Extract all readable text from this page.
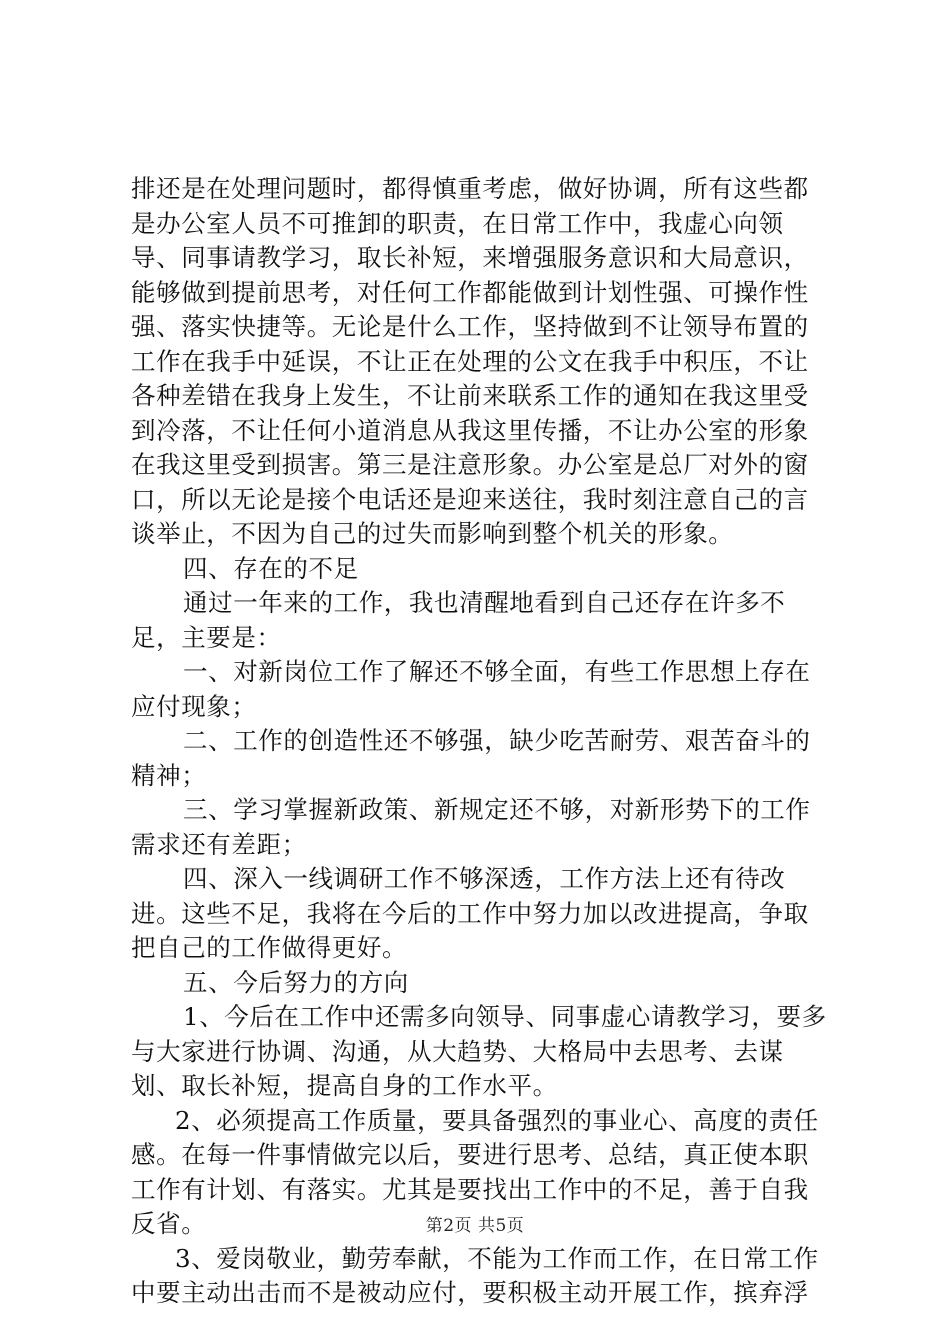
排还是在处理问题时，都得慎重考虑，做好协调，所有这些都是办公室人员不可推卸的职责，在日常工作中，我虚心向领导、同事请教学习，取长补短，来增强服务意识和大局意识，能够做到提前思考，对任何工作都能做到计划性强、可操作性强、落实快捷等。无论是什么工作，坚持做到不让领导布置的工作在我手中延误，不让正在处理的公文在我手中积压，不让各种差错在我身上发生，不让前来联系工作的通知在我这里受到冷落，不让任何小道消息从我这里传播，不让办公室的形象在我这里受到损害。第三是注意形象。办公室是总厂对外的窗口，所以无论是接个电话还是迎来送往，我时刻注意自己的言谈举止，不因为自己的过失而影响到整个机关的形象。

四、存在的不足

通过一年来的工作，我也清醒地看到自己还存在许多不足，主要是：

一、对新岗位工作了解还不够全面，有些工作思想上存在应付现象；

二、工作的创造性还不够强，缺少吃苦耐劳、艰苦奋斗的精神；

三、学习掌握新政策、新规定还不够，对新形势下的工作需求还有差距；

四、深入一线调研工作不够深透，工作方法上还有待改进。这些不足，我将在今后的工作中努力加以改进提高，争取把自己的工作做得更好。

五、今后努力的方向

1、今后在工作中还需多向领导、同事虚心请教学习，要多与大家进行协调、沟通，从大趋势、大格局中去思考、去谋划、取长补短，提高自身的工作水平。

2、必须提高工作质量，要具备强烈的事业心、高度的责任感。在每一件事情做完以后，要进行思考、总结，真正使本职工作有计划、有落实。尤其是要找出工作中的不足，善于自我反省。

3、爱岗敬业，勤劳奉献，不能为工作而工作，在日常工作中要主动出击而不是被动应付，要积极主动开展工作，摈弃浮

第2页 共5页
